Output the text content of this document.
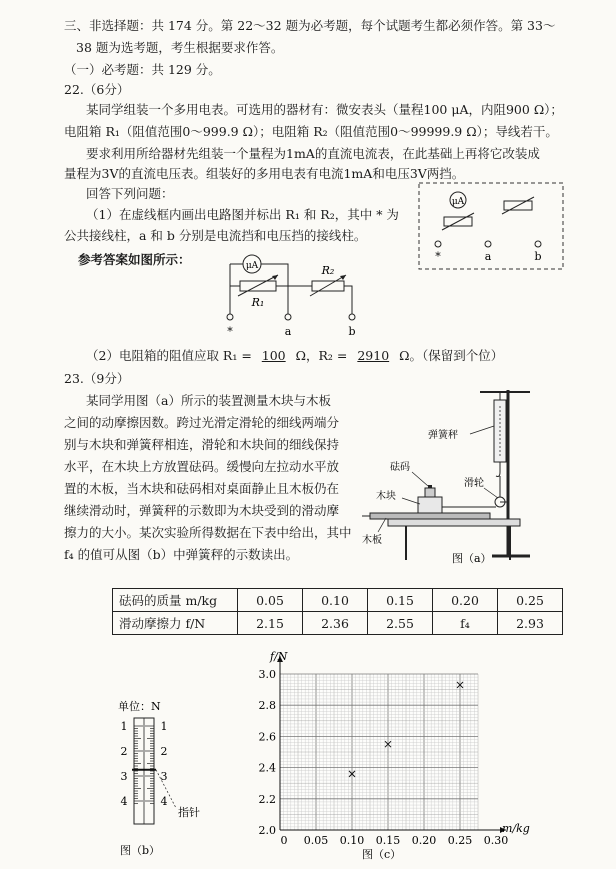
三、非选择题：共 174 分。第 22～32 题为必考题，每个试题考生都必须作答。第 33～
38 题为选考题，考生根据要求作答。
（一）必考题：共 129 分。
22.（6分）
某同学组装一个多用电表。可选用的器材有：微安表头（量程100 μA，内阻900 Ω）；
电阻箱 R₁（阻值范围0～999.9 Ω）；电阻箱 R₂（阻值范围0～99999.9 Ω）；导线若干。
要求利用所给器材先组装一个量程为1mA的直流电流表，在此基础上再将它改装成
量程为3V的直流电压表。组装好的多用电表有电流1mA和电压3V两挡。
回答下列问题：
（1）在虚线框内画出电路图并标出 R₁ 和 R₂，其中 * 为
公共接线柱，a 和 b 分别是电流挡和电压挡的接线柱。
参考答案如图所示：
μA
*	a	b
μA
R₁
R₂
*	a	b
（2）电阻箱的阻值应取 R₁ = 100 Ω，R₂ = 2910 Ω。（保留到个位）
23.（9分）
某同学用图（a）所示的装置测量木块与木板
之间的动摩擦因数。跨过光滑定滑轮的细线两端分
别与木块和弹簧秤相连，滑轮和木块间的细线保持
水平，在木块上方放置砝码。缓慢向左拉动水平放
置的木板，当木块和砝码相对桌面静止且木板仍在
继续滑动时，弹簧秤的示数即为木块受到的滑动摩
擦力的大小。某次实验所得数据在下表中给出，其中
f₄ 的值可从图（b）中弹簧秤的示数读出。
弹簧秤
砝码
滑轮
木块
木板
图（a）
砝码的质量 m/kg	0.05	0.10	0.15	0.20	0.25
滑动摩擦力 f/N	2.15	2.36	2.55	f₄	2.93
单位：N
1
2
3
4
1
2
3
4
指针
图（b）
0 0.05 0.10 0.15 0.20 0.25 0.30
2.0
2.2
2.4
2.6
2.8
3.0
f/N
m/kg
图（c）
